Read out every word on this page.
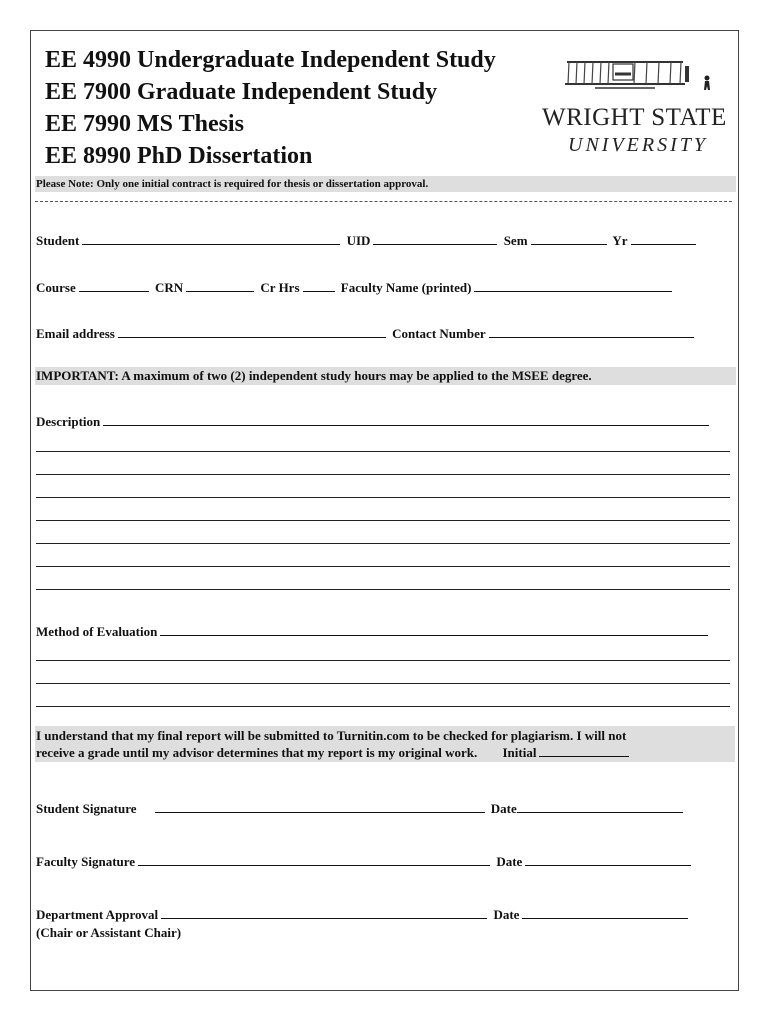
EE 4990 Undergraduate Independent Study
EE 7900 Graduate Independent Study
EE 7990 MS Thesis
EE 8990 PhD Dissertation
WRIGHT STATE
UNIVERSITY
Please Note: Only one initial contract is required for thesis or dissertation approval.
Student	UID	Sem	Yr
Course	CRN	Cr Hrs	Faculty Name (printed)
Email address	Contact Number
IMPORTANT: A maximum of two (2) independent study hours may be applied to the MSEE degree.
Description
Method of Evaluation
I understand that my final report will be submitted to Turnitin.com to be checked for plagiarism. I will not
receive a grade until my advisor determines that my report is my original work. Initial
Student Signature	Date
Faculty Signature	Date
Department Approval	Date
(Chair or Assistant Chair)
